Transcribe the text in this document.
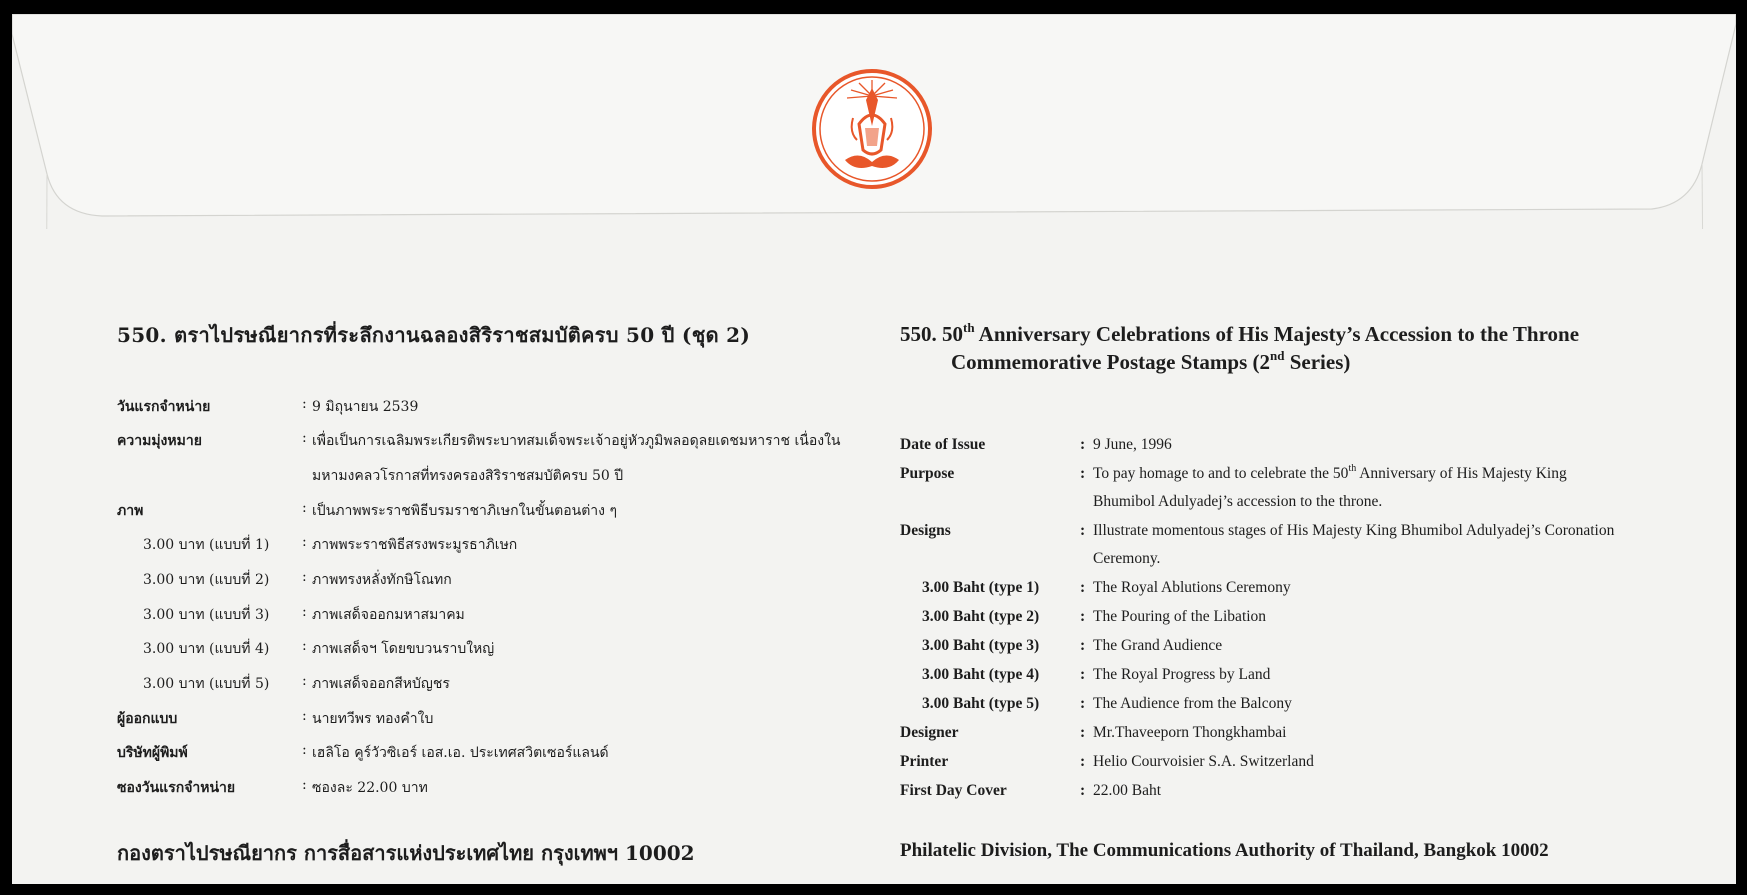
550. ตราไปรษณียากรที่ระลึกงานฉลองสิริราชสมบัติครบ 50 ปี (ชุด 2)
วันแรกจำหน่าย	: 9 มิถุนายน 2539
ความมุ่งหมาย	: เพื่อเป็นการเฉลิมพระเกียรติพระบาทสมเด็จพระเจ้าอยู่หัวภูมิพลอดุลยเดชมหาราช เนื่องใน
มหามงคลวโรกาสที่ทรงครองสิริราชสมบัติครบ 50 ปี
ภาพ	: เป็นภาพพระราชพิธีบรมราชาภิเษกในขั้นตอนต่าง ๆ
3.00 บาท (แบบที่ 1) : ภาพพระราชพิธีสรงพระมูรธาภิเษก
3.00 บาท (แบบที่ 2) : ภาพทรงหลั่งทักษิโณทก
3.00 บาท (แบบที่ 3) : ภาพเสด็จออกมหาสมาคม
3.00 บาท (แบบที่ 4) : ภาพเสด็จฯ โดยขบวนราบใหญ่
3.00 บาท (แบบที่ 5) : ภาพเสด็จออกสีหบัญชร
ผู้ออกแบบ	: นายทวีพร ทองคำใบ
บริษัทผู้พิมพ์	: เฮลิโอ คูร์วัวซิเอร์ เอส.เอ. ประเทศสวิตเซอร์แลนด์
ซองวันแรกจำหน่าย	: ซองละ 22.00 บาท
กองตราไปรษณียากร การสื่อสารแห่งประเทศไทย กรุงเทพฯ 10002
550. 50th Anniversary Celebrations of His Majesty’s Accession to the Throne
Commemorative Postage Stamps (2nd Series)
Date of Issue	: 9 June, 1996
Purpose	: To pay homage to and to celebrate the 50th Anniversary of His Majesty King
Bhumibol Adulyadej’s accession to the throne.
Designs	: Illustrate momentous stages of His Majesty King Bhumibol Adulyadej’s Coronation
Ceremony.
3.00 Baht (type 1)	: The Royal Ablutions Ceremony
3.00 Baht (type 2)	: The Pouring of the Libation
3.00 Baht (type 3)	: The Grand Audience
3.00 Baht (type 4)	: The Royal Progress by Land
3.00 Baht (type 5)	: The Audience from the Balcony
Designer	: Mr.Thaveeporn Thongkhambai
Printer	: Helio Courvoisier S.A. Switzerland
First Day Cover	: 22.00 Baht
Philatelic Division, The Communications Authority of Thailand, Bangkok 10002
